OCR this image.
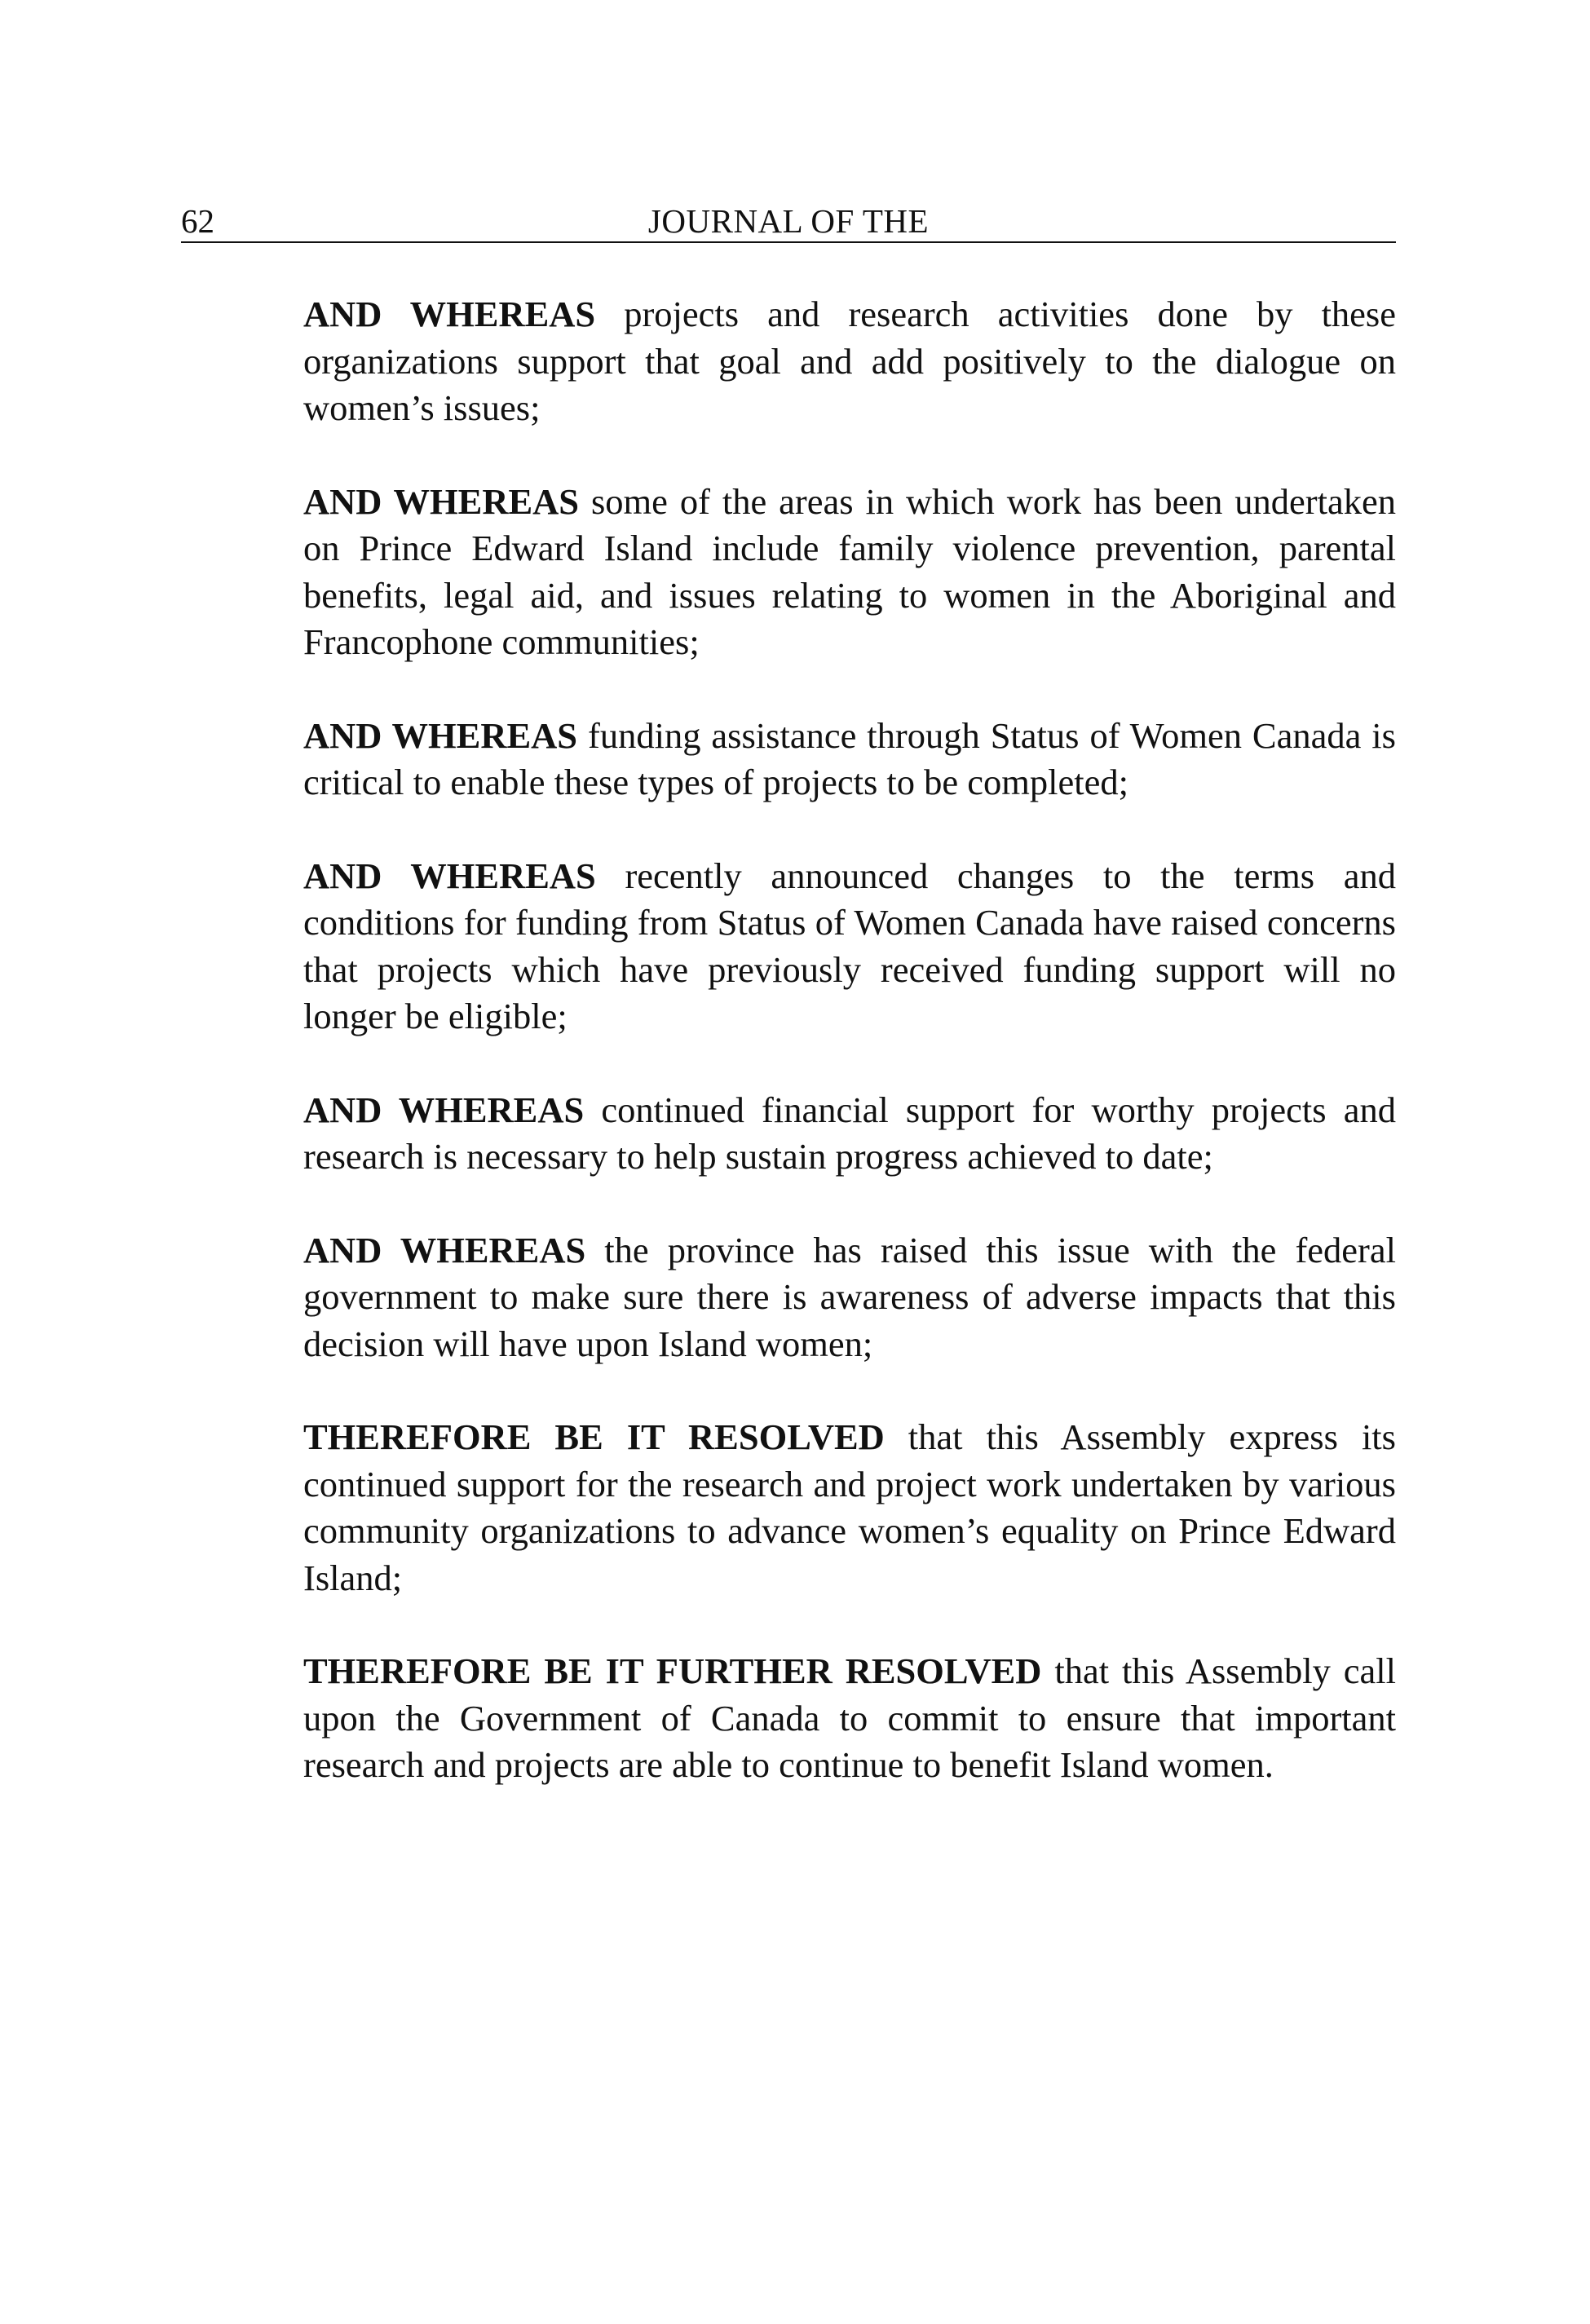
62	JOURNAL OF THE

AND WHEREAS projects and research activities done by these organizations support that goal and add positively to the dialogue on women’s issues;

AND WHEREAS some of the areas in which work has been undertaken on Prince Edward Island include family violence prevention, parental benefits, legal aid, and issues relating to women in the Aboriginal and Francophone communities;

AND WHEREAS funding assistance through Status of Women Canada is critical to enable these types of projects to be completed;

AND WHEREAS recently announced changes to the terms and conditions for funding from Status of Women Canada have raised concerns that projects which have previously received funding support will no longer be eligible;

AND WHEREAS continued financial support for worthy projects and research is necessary to help sustain progress achieved to date;

AND WHEREAS the province has raised this issue with the federal government to make sure there is awareness of adverse impacts that this decision will have upon Island women;

THEREFORE BE IT RESOLVED that this Assembly express its continued support for the research and project work undertaken by various community organizations to advance women’s equality on Prince Edward Island;

THEREFORE BE IT FURTHER RESOLVED that this Assembly call upon the Government of Canada to commit to ensure that important research and projects are able to continue to benefit Island women.
